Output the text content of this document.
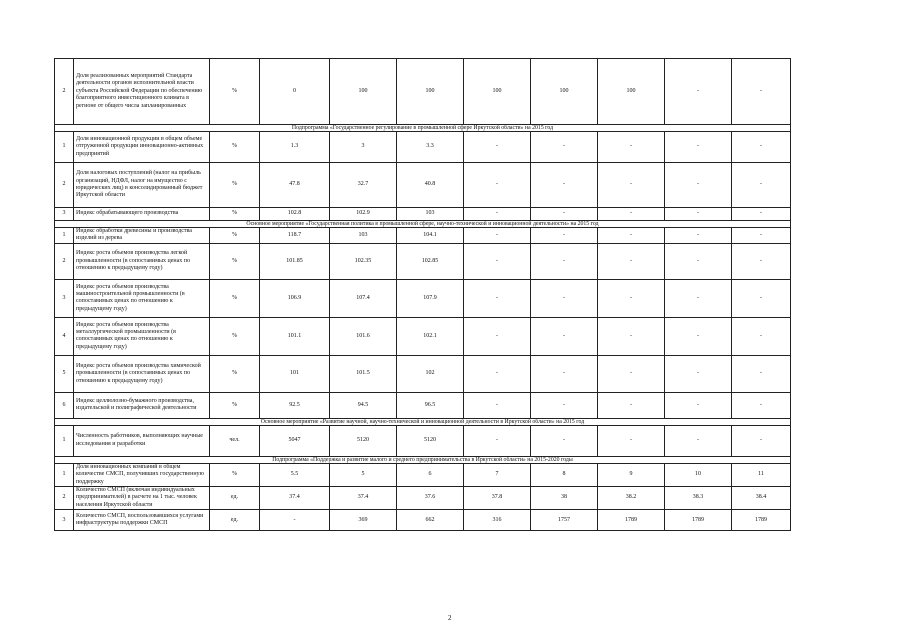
2	Доля реализованных мероприятий Стандарта деятельности органов исполнительной власти субъекта Российской Федерации по обеспечению благоприятного инвестиционного климата в регионе от общего числа запланированных	%	0	100	100	100	100	100	-	-
Подпрограмма «Государственное регулирование в промышленной сфере Иркутской области» на 2015 год										
1	Доля инновационной продукции в общем объеме отгруженной продукции инновационно-активных предприятий	%	1.3	3	3.3	-	-	-	-	-
2	Доля налоговых поступлений (налог на прибыль организаций, НДФЛ, налог на имущество с юридических лиц) в консолидированный бюджет Иркутской области	%	47.8	32.7	40.8	-	-	-	-	-
3	Индекс обрабатывающего производства	%	102.8	102.9	103	-	-	-	-	-
Основное мероприятие «Государственная политика в промышленной сфере, научно-технической и инновационной деятельности» на 2015 год										
1	Индекс обработки древесины и производства изделий из дерева	%	118.7	103	104.1	-	-	-	-	-
2	Индекс роста объемов производства легкой промышленности (в сопоставимых ценах по отношению к предыдущему году)	%	101.85	102.35	102.85	-	-	-	-	-
3	Индекс роста объемов производства машиностроительной промышленности (в сопоставимых ценах по отношению к предыдущему году)	%	106.9	107.4	107.9	-	-	-	-	-
4	Индекс роста объемов производства металлургической промышленности (в сопоставимых ценах по отношению к предыдущему году)	%	101.1	101.6	102.1	-	-	-	-	-
5	Индекс роста объемов производства химической промышленности (в сопоставимых ценах по отношению к предыдущему году)	%	101	101.5	102	-	-	-	-	-
6	Индекс целлюлозно-бумажного производства, издательской и полиграфической деятельности	%	92.5	94.5	96.5	-	-	-	-	-
Основное мероприятие «Развитие научной, научно-технической и инновационной деятельности в Иркутской области» на 2015 год										
1	Численность работников, выполняющих научные исследования и разработки	чел.	5047	5120	5120	-	-	-	-	-
Подпрограмма «Поддержка и развитие малого и среднего предпринимательства в Иркутской области» на 2015-2020 годы										
1	Доля инновационных компаний в общем количестве СМСП, получивших государственную поддержку	%	5.5	5	6	7	8	9	10	11
2	Количество СМСП (включая индивидуальных предпринимателей) в расчете на 1 тыс. человек населения Иркутской области	ед.	37.4	37.4	37.6	37.8	38	38.2	38.3	38.4
3	Количество СМСП, воспользовавшихся услугами инфраструктуры поддержки СМСП	ед.	-	369	662	316	1757	1789	1789	1789
2
